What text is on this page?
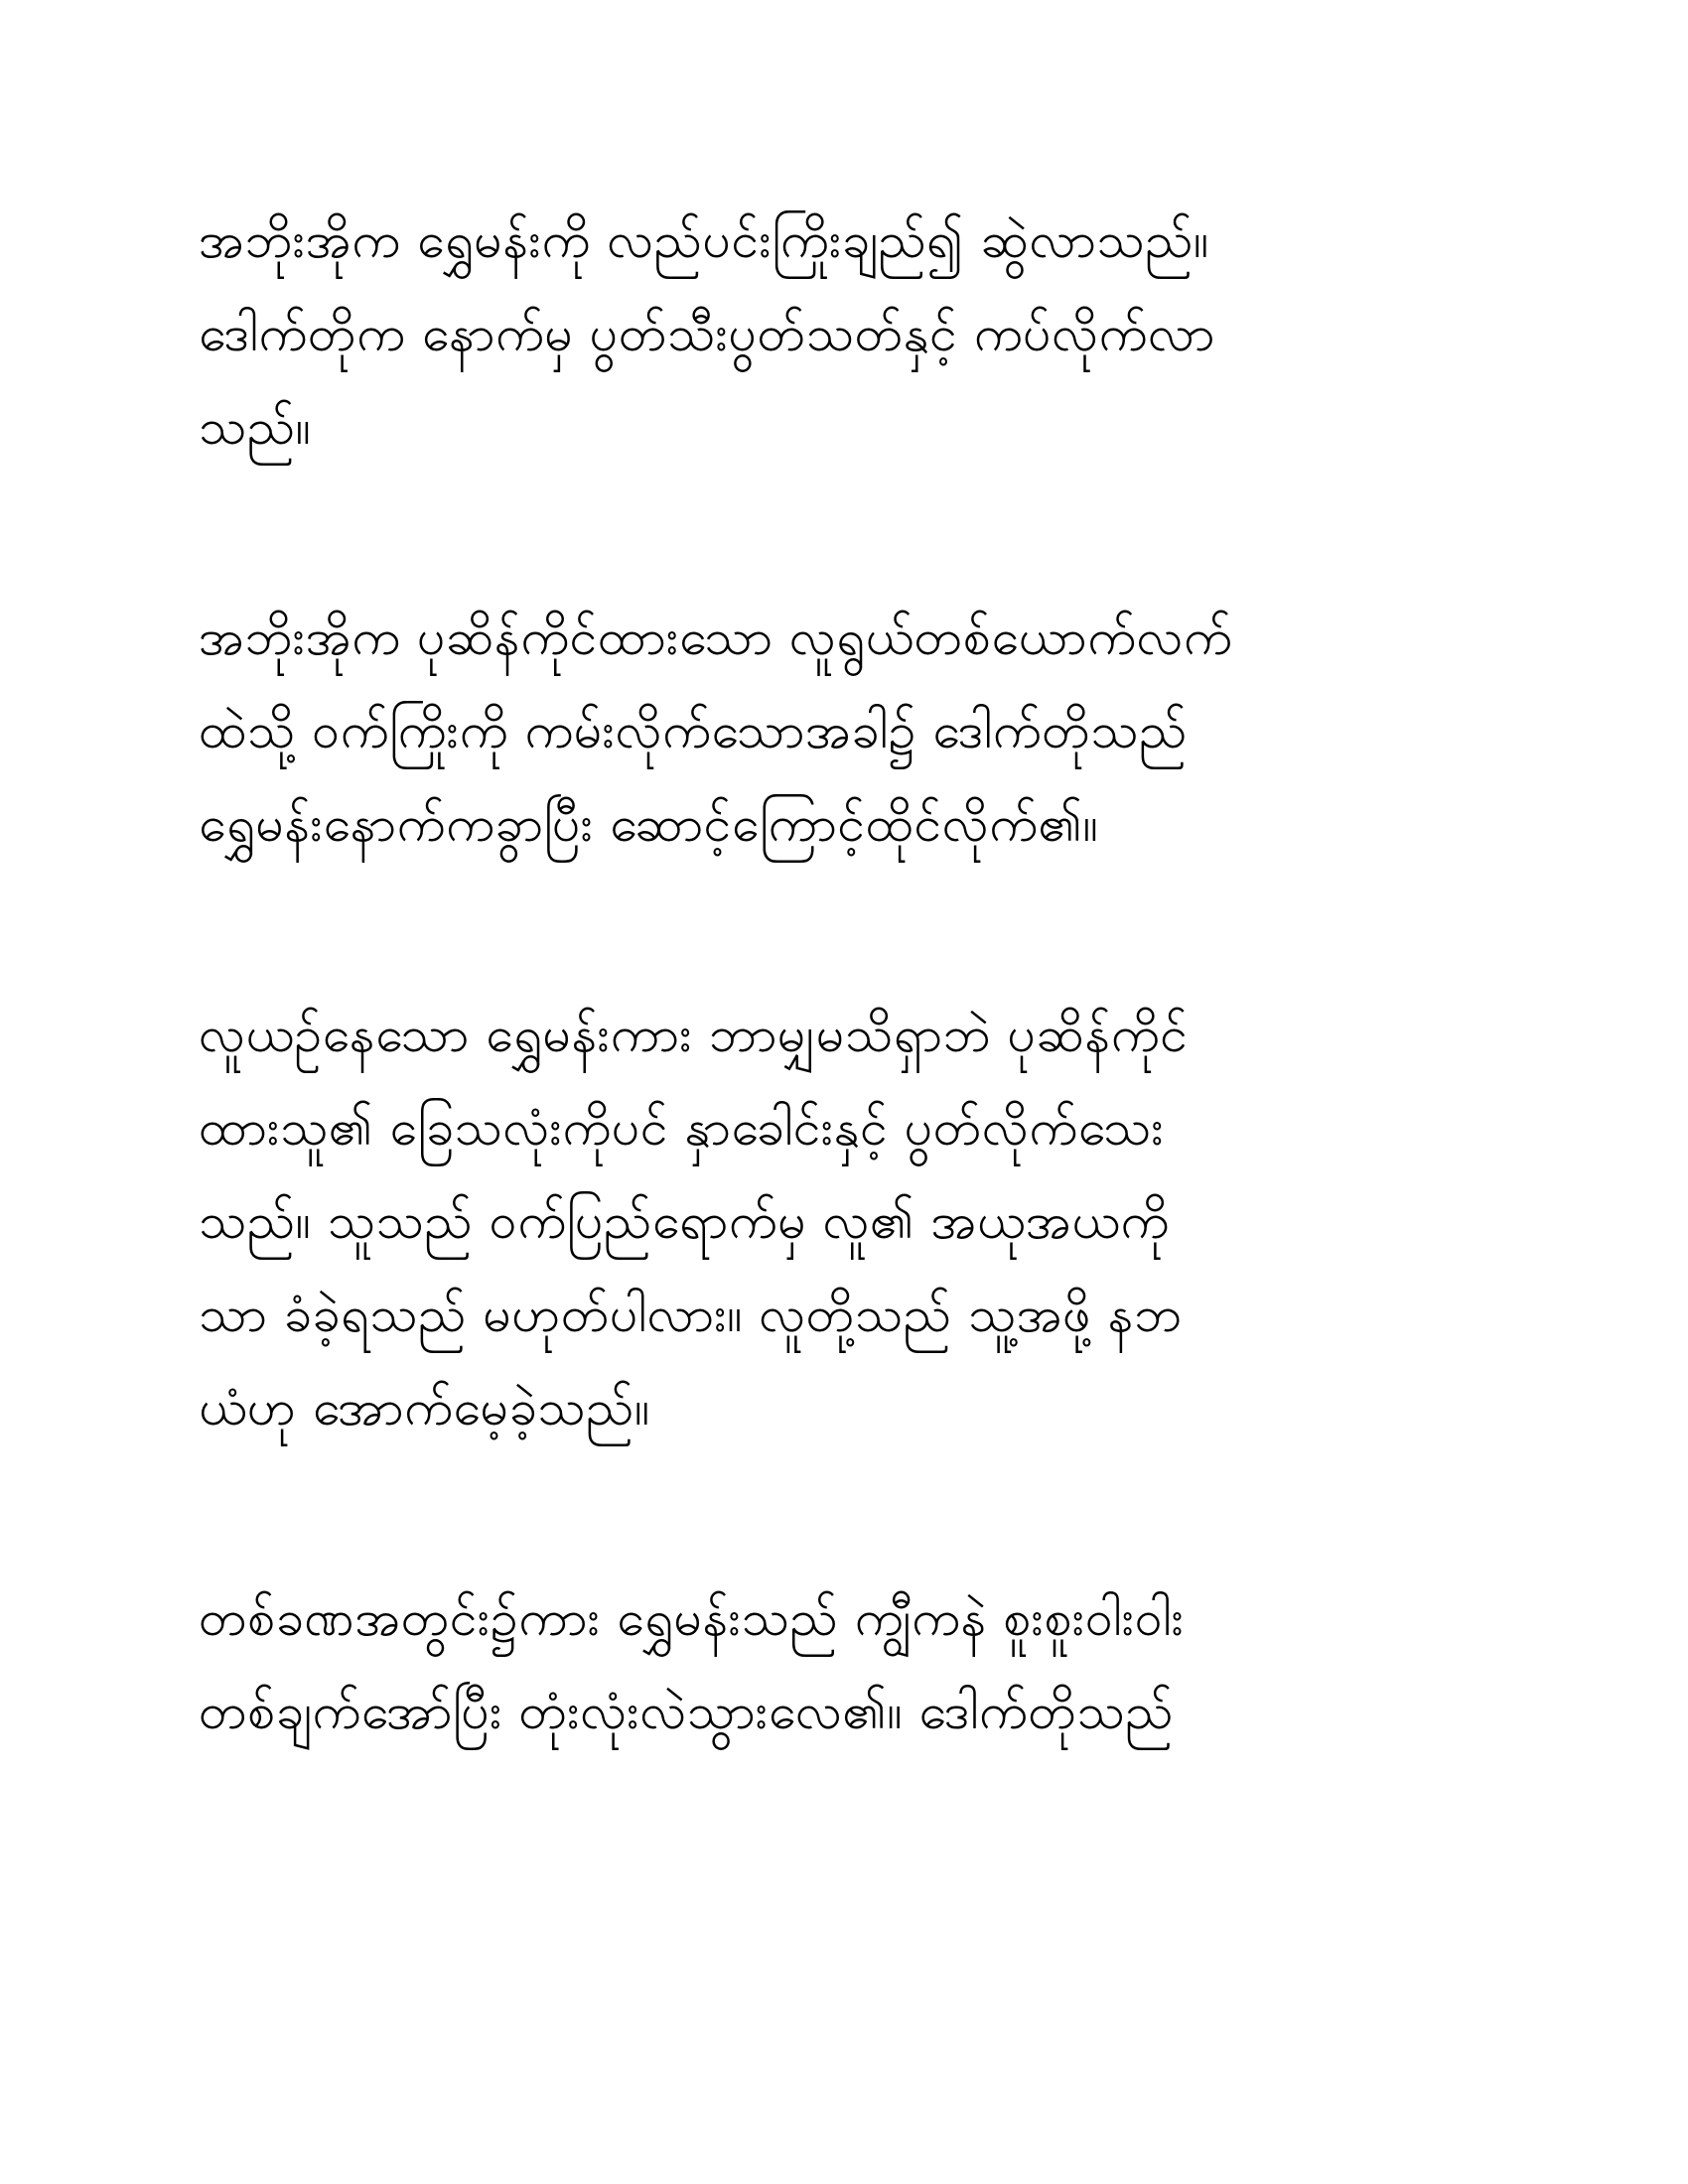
အဘိုးအိုက ရွှေမန်းကို လည်ပင်းကြိုးချည်၍ ဆွဲလာသည်။
ဒေါက်တိုက နောက်မှ ပွတ်သီးပွတ်သတ်နှင့် ကပ်လိုက်လာ
သည်။

အဘိုးအိုက ပုဆိန်ကိုင်ထားသော လူရွယ်တစ်ယောက်လက်
ထဲသို့ ဝက်ကြိုးကို ကမ်းလိုက်သောအခါ၌ ဒေါက်တိုသည်
ရွှေမန်းနောက်ကခွာပြီး ဆောင့်ကြောင့်ထိုင်လိုက်၏။

လူယဥ်နေသော ရွှေမန်းကား ဘာမျှမသိရှာဘဲ ပုဆိန်ကိုင်
ထားသူ၏ ခြေသလုံးကိုပင် နှာခေါင်းနှင့် ပွတ်လိုက်သေး
သည်။ သူသည် ဝက်ပြည်ရောက်မှ လူ၏ အယုအယကို
သာ ခံခဲ့ရသည် မဟုတ်ပါလား။ လူတို့သည် သူ့အဖို့ နဘ
ယံဟု အောက်မေ့ခဲ့သည်။

တစ်ခဏအတွင်း၌ကား ရွှေမန်းသည် ကျွီကနဲ စူးစူးဝါးဝါး
တစ်ချက်အော်ပြီး တုံးလုံးလဲသွားလေ၏။ ဒေါက်တိုသည်
